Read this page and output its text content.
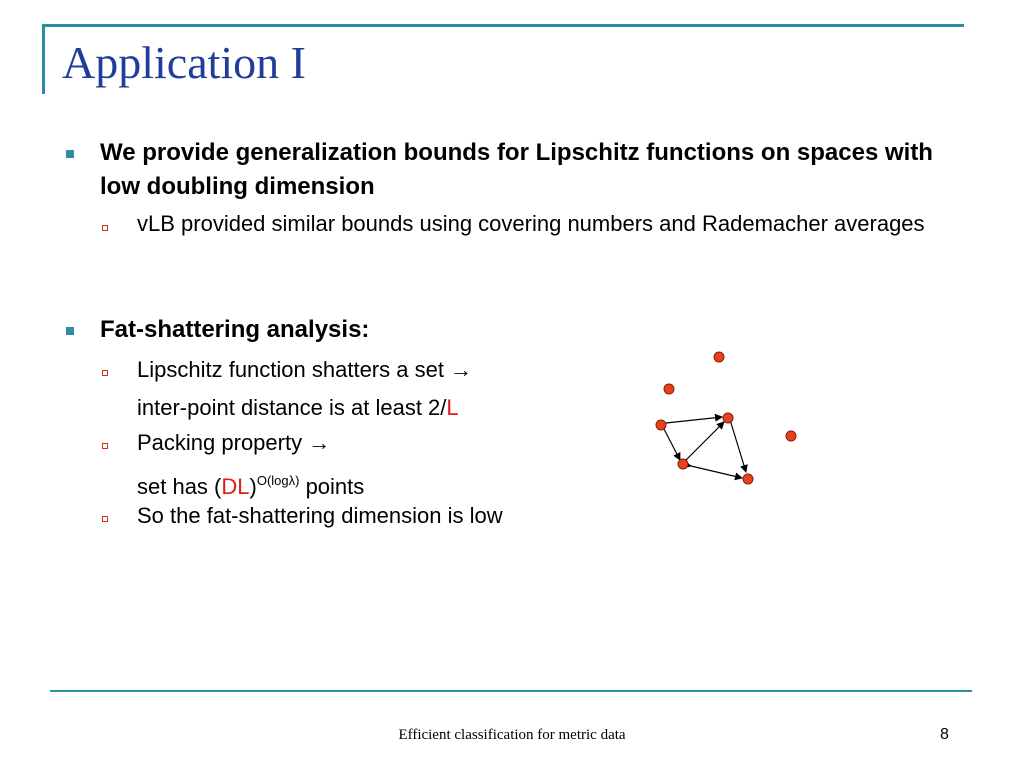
Application I
We provide generalization bounds for Lipschitz functions on spaces with low doubling dimension
vLB provided similar bounds using covering numbers and Rademacher averages
Fat-shattering analysis:
Lipschitz function shatters a set →
inter-point distance is at least 2/L
Packing property →
set has (DL)$^{O(log\lambda)}$ points
So the fat-shattering dimension is low
Efficient classification for metric data	8
